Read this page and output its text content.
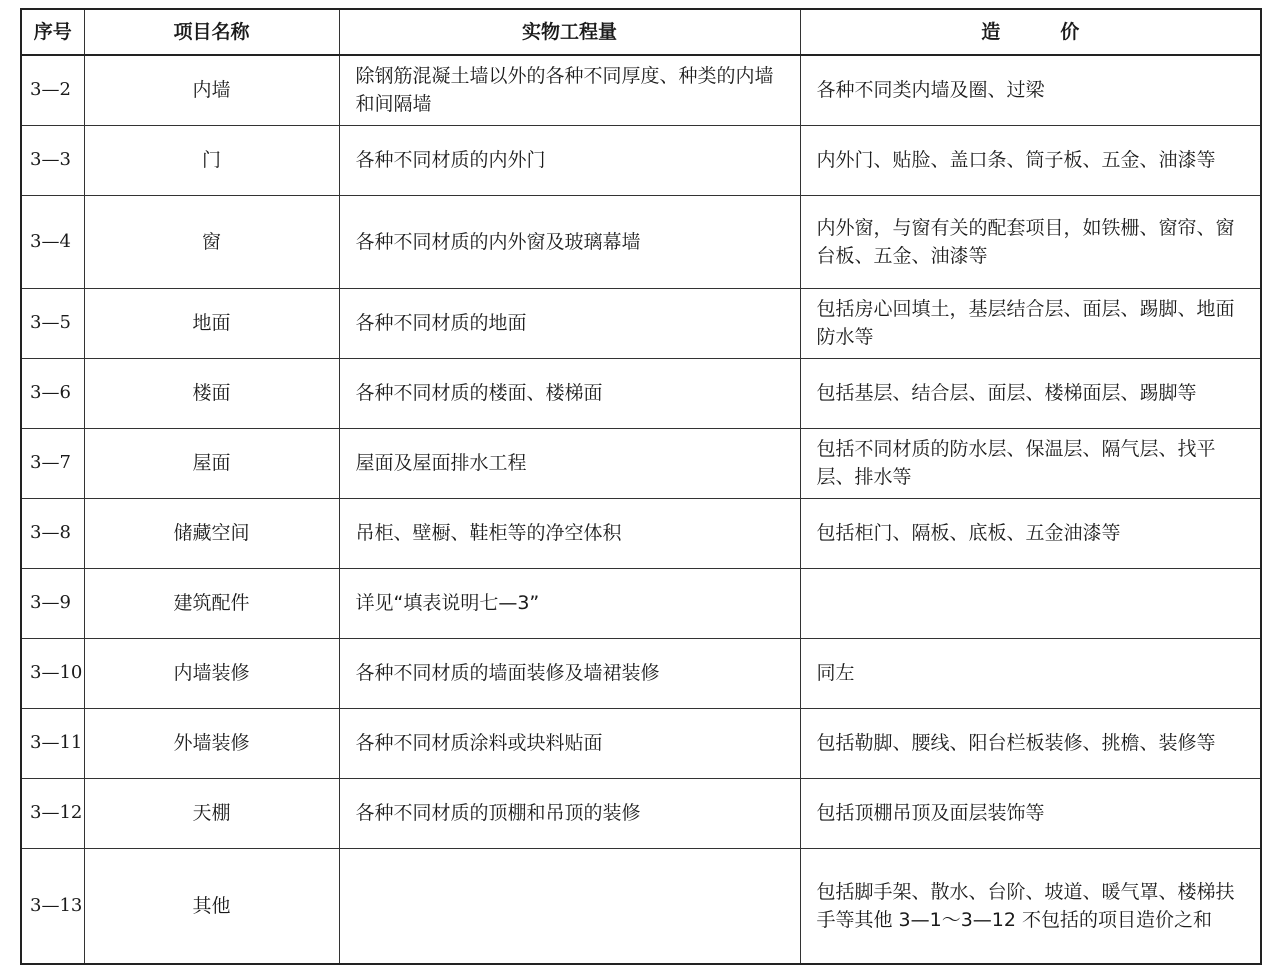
序号	项目名称	实物工程量	造 价
3—2	内墙	除钢筋混凝土墙以外的各种不同厚度、种类的内墙和间隔墙	各种不同类内墙及圈、过梁
3—3	门	各种不同材质的内外门	内外门、贴脸、盖口条、筒子板、五金、油漆等
3—4	窗	各种不同材质的内外窗及玻璃幕墙	内外窗，与窗有关的配套项目，如铁栅、窗帘、窗台板、五金、油漆等
3—5	地面	各种不同材质的地面	包括房心回填土，基层结合层、面层、踢脚、地面防水等
3—6	楼面	各种不同材质的楼面、楼梯面	包括基层、结合层、面层、楼梯面层、踢脚等
3—7	屋面	屋面及屋面排水工程	包括不同材质的防水层、保温层、隔气层、找平层、排水等
3—8	储藏空间	吊柜、壁橱、鞋柜等的净空体积	包括柜门、隔板、底板、五金油漆等
3—9	建筑配件	详见“填表说明七—3”	
3—10	内墙装修	各种不同材质的墙面装修及墙裙装修	同左
3—11	外墙装修	各种不同材质涂料或块料贴面	包括勒脚、腰线、阳台栏板装修、挑檐、装修等
3—12	天棚	各种不同材质的顶棚和吊顶的装修	包括顶棚吊顶及面层装饰等
3—13	其他		包括脚手架、散水、台阶、坡道、暖气罩、楼梯扶手等其他 3—1～3—12 不包括的项目造价之和
